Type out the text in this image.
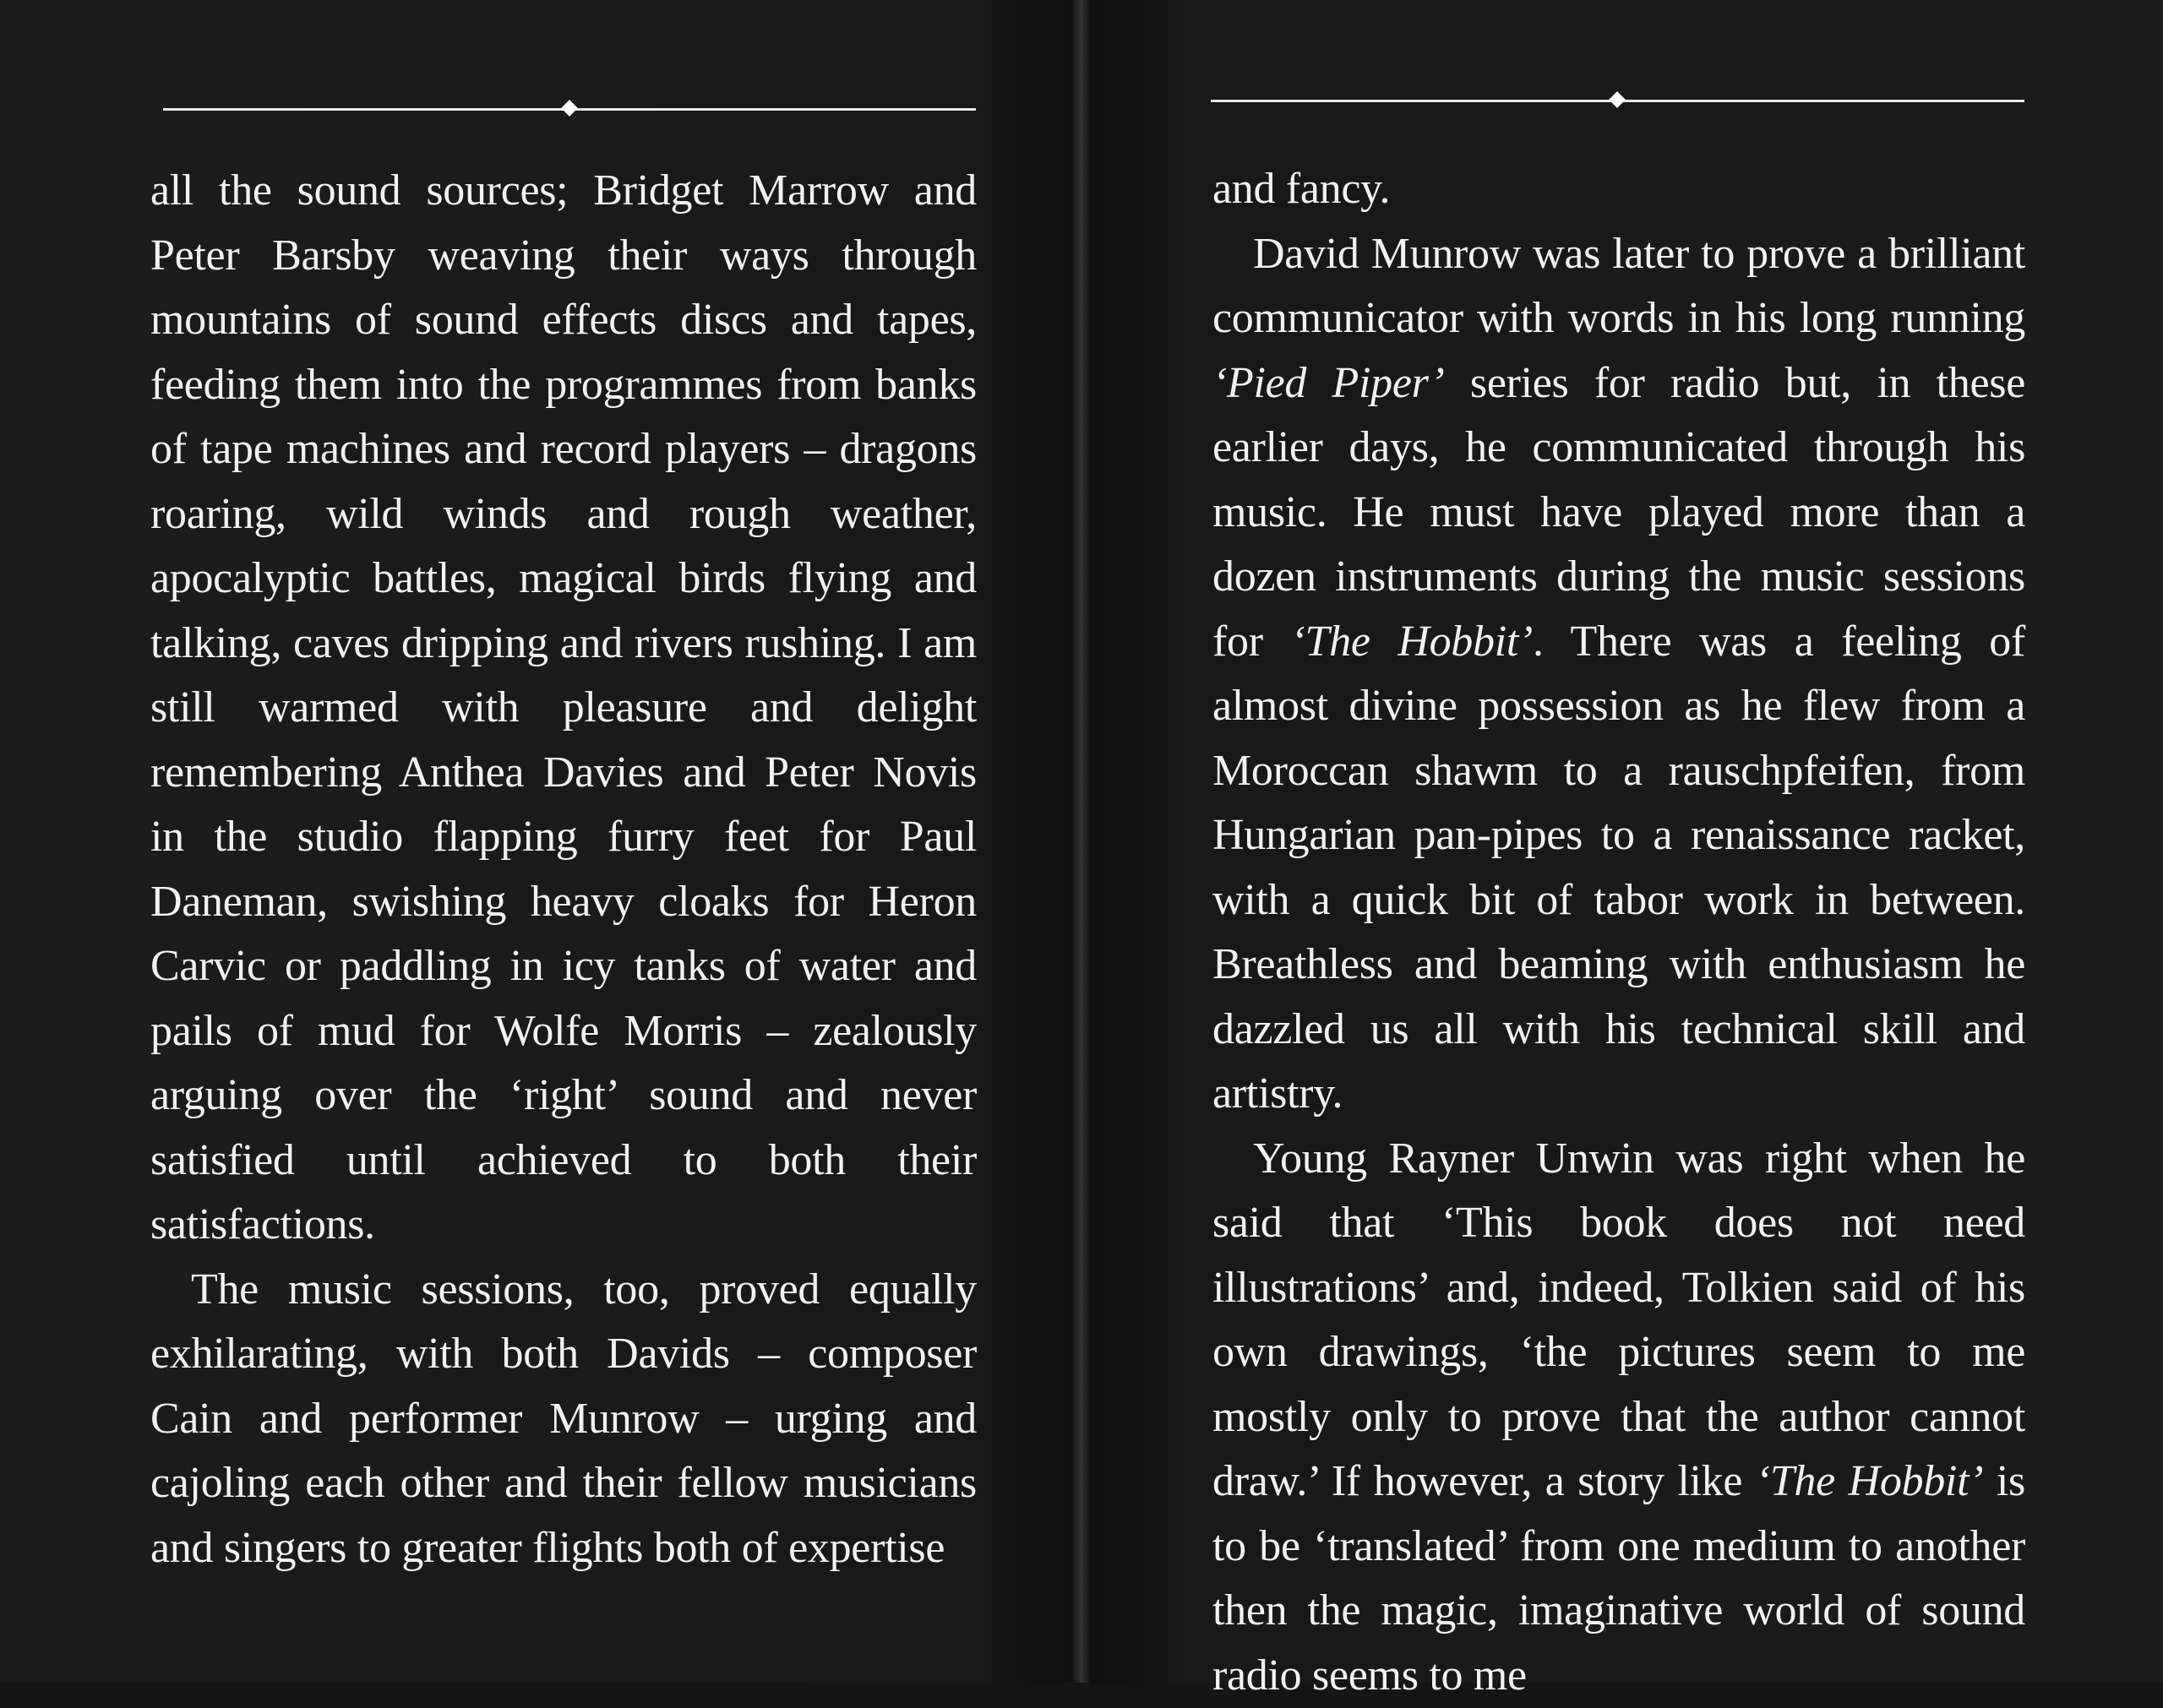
all the sound sources; Bridget Marrow and Peter Barsby weaving their ways through mountains of sound effects discs and tapes, feeding them into the programmes from banks of tape machines and record players – dragons roaring, wild winds and rough weather, apocalyptic battles, magical birds flying and talking, caves dripping and rivers rushing. I am still warmed with pleasure and delight remembering Anthea Davies and Peter Novis in the studio flapping furry feet for Paul Daneman, swishing heavy cloaks for Heron Carvic or paddling in icy tanks of water and pails of mud for Wolfe Morris – zealously arguing over the ‘right’ sound and never satisfied until achieved to both their satisfactions.

The music sessions, too, proved equally exhilarating, with both Davids – composer Cain and performer Munrow – urging and cajoling each other and their fellow musicians and singers to greater flights both of expertise

and fancy.

David Munrow was later to prove a brilliant communicator with words in his long running ‘Pied Piper’ series for radio but, in these earlier days, he communicated through his music. He must have played more than a dozen instruments during the music sessions for ‘The Hobbit’. There was a feeling of almost divine possession as he flew from a Moroccan shawm to a rauschpfeifen, from Hungarian pan-pipes to a renaissance racket, with a quick bit of tabor work in between. Breathless and beaming with enthusiasm he dazzled us all with his technical skill and artistry.

Young Rayner Unwin was right when he said that ‘This book does not need illustrations’ and, indeed, Tolkien said of his own drawings, ‘the pictures seem to me mostly only to prove that the author cannot draw.’ If however, a story like ‘The Hobbit’ is to be ‘translated’ from one medium to another then the magic, imaginative world of sound radio seems to me
